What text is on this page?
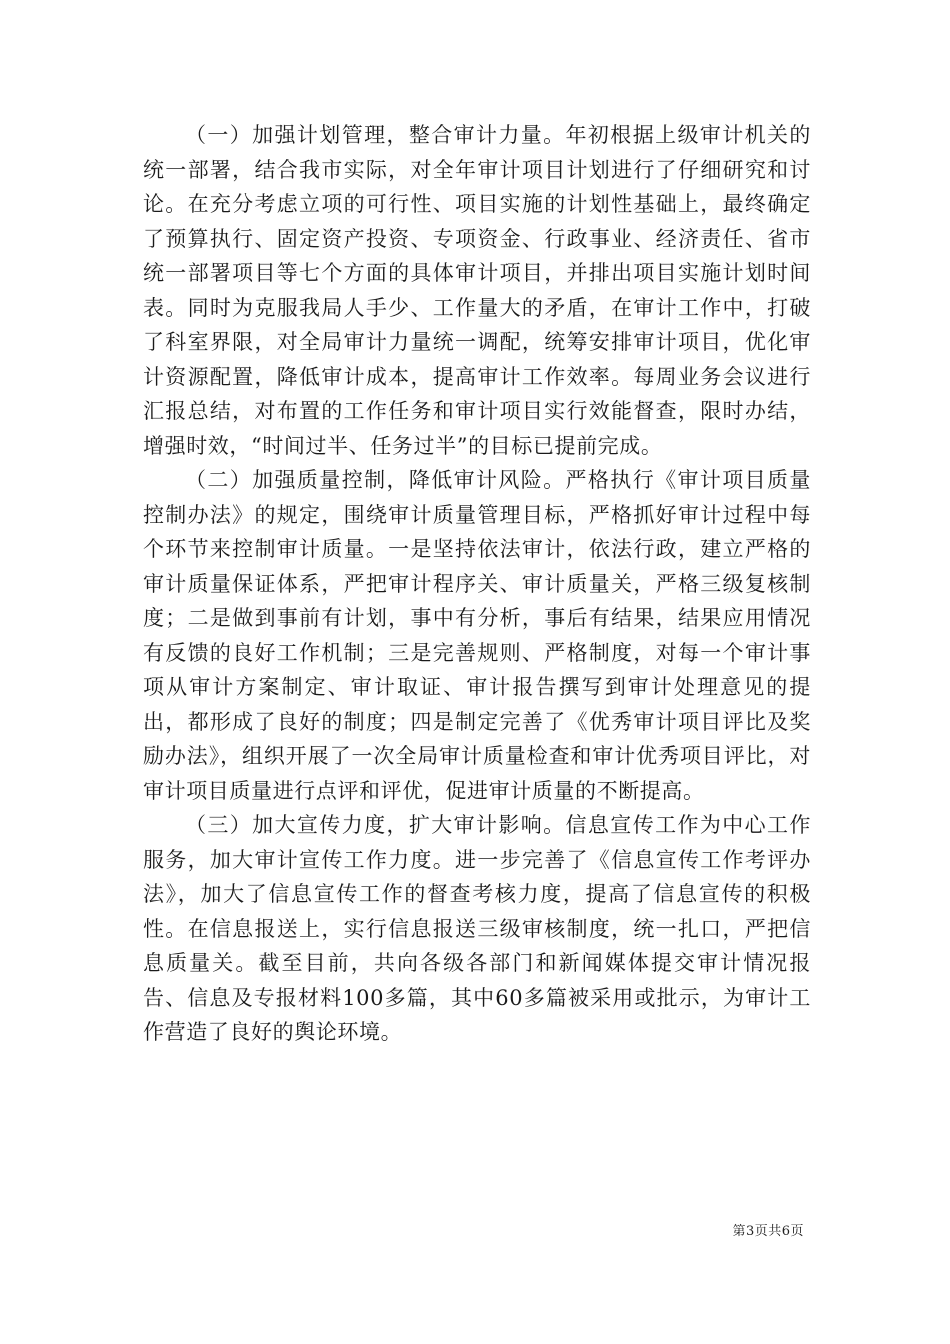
（一）加强计划管理，整合审计力量。年初根据上级审计机关的统一部署，结合我市实际，对全年审计项目计划进行了仔细研究和讨论。在充分考虑立项的可行性、项目实施的计划性基础上，最终确定了预算执行、固定资产投资、专项资金、行政事业、经济责任、省市统一部署项目等七个方面的具体审计项目，并排出项目实施计划时间表。同时为克服我局人手少、工作量大的矛盾，在审计工作中，打破了科室界限，对全局审计力量统一调配，统筹安排审计项目，优化审计资源配置，降低审计成本，提高审计工作效率。每周业务会议进行汇报总结，对布置的工作任务和审计项目实行效能督查，限时办结，增强时效，“时间过半、任务过半”的目标已提前完成。

（二）加强质量控制，降低审计风险。严格执行《审计项目质量控制办法》的规定，围绕审计质量管理目标，严格抓好审计过程中每个环节来控制审计质量。一是坚持依法审计，依法行政，建立严格的审计质量保证体系，严把审计程序关、审计质量关，严格三级复核制度；二是做到事前有计划，事中有分析，事后有结果，结果应用情况有反馈的良好工作机制；三是完善规则、严格制度，对每一个审计事项从审计方案制定、审计取证、审计报告撰写到审计处理意见的提出，都形成了良好的制度；四是制定完善了《优秀审计项目评比及奖励办法》，组织开展了一次全局审计质量检查和审计优秀项目评比，对审计项目质量进行点评和评优，促进审计质量的不断提高。

（三）加大宣传力度，扩大审计影响。信息宣传工作为中心工作服务，加大审计宣传工作力度。进一步完善了《信息宣传工作考评办法》，加大了信息宣传工作的督查考核力度，提高了信息宣传的积极性。在信息报送上，实行信息报送三级审核制度，统一扎口，严把信息质量关。截至目前，共向各级各部门和新闻媒体提交审计情况报告、信息及专报材料100多篇，其中60多篇被采用或批示，为审计工作营造了良好的舆论环境。

第3页共6页
